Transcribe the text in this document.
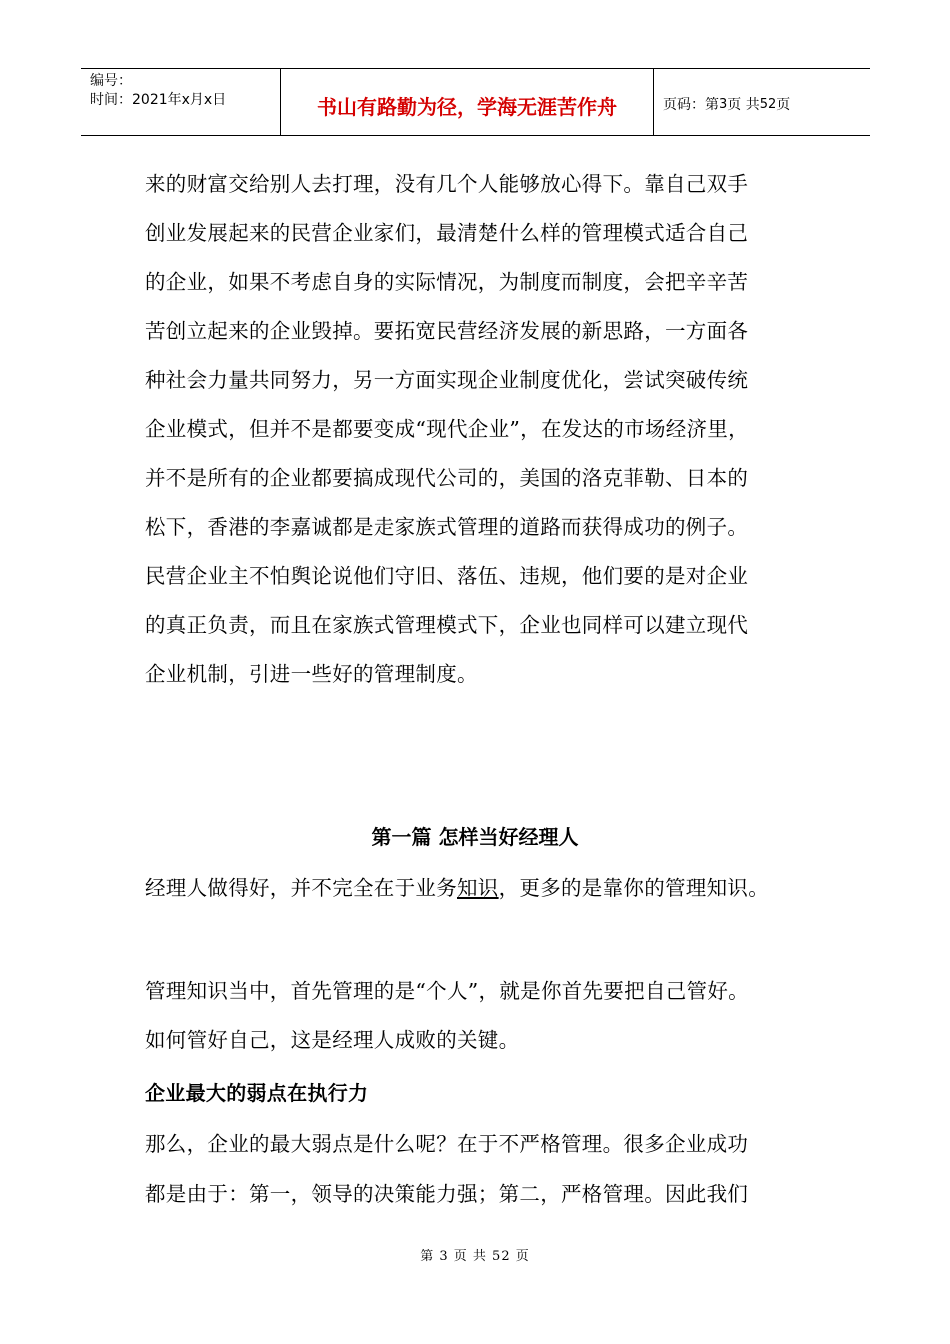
编号：
时间：2021年x月x日	书山有路勤为径，学海无涯苦作舟	页码：第 3 页 共 52 页

来的财富交给别人去打理，没有几个人能够放心得下。靠自己双手

创业发展起来的民营企业家们，最清楚什么样的管理模式适合自己

的企业，如果不考虑自身的实际情况，为制度而制度，会把辛辛苦

苦创立起来的企业毁掉。要拓宽民营经济发展的新思路，一方面各

种社会力量共同努力，另一方面实现企业制度优化，尝试突破传统

企业模式，但并不是都要变成“现代企业”，在发达的市场经济里，

并不是所有的企业都要搞成现代公司的，美国的洛克菲勒、日本的

松下，香港的李嘉诚都是走家族式管理的道路而获得成功的例子。

民营企业主不怕舆论说他们守旧、落伍、违规，他们要的是对企业

的真正负责，而且在家族式管理模式下，企业也同样可以建立现代

企业机制，引进一些好的管理制度。

第一篇 怎样当好经理人
经理人做得好，并不完全在于业务知识，更多的是靠你的管理知识。
管理知识当中，首先管理的是“个人”，就是你首先要把自己管好。
如何管好自己，这是经理人成败的关键。
企业最大的弱点在执行力
那么，企业的最大弱点是什么呢？在于不严格管理。很多企业成功
都是由于：第一，领导的决策能力强；第二，严格管理。因此我们
第 3 页 共 52 页
